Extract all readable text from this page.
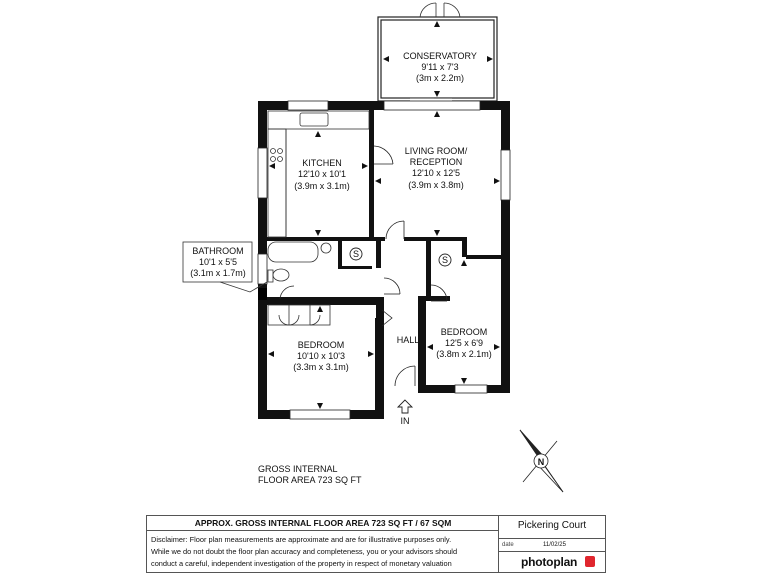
S
S
N
CONSERVATORY
9'11 x 7'3
(3m x 2.2m)
LIVING ROOM/
RECEPTION
12'10 x 12'5
(3.9m x 3.8m)
KITCHEN
12'10 x 10'1
(3.9m x 3.1m)
BATHROOM
10'1 x 5'5
(3.1m x 1.7m)
BEDROOM
10'10 x 10'3
(3.3m x 3.1m)
BEDROOM
12'5 x 6'9
(3.8m x 2.1m)
HALL
IN
GROSS INTERNAL
FLOOR AREA 723 SQ FT
APPROX. GROSS INTERNAL FLOOR AREA 723 SQ FT / 67 SQM
Disclaimer: Floor plan measurements are approximate and are for illustrative purposes only.
While we do not doubt the floor plan accuracy and completeness, you or your advisors should
conduct a careful, independent investigation of the property in respect of monetary valuation
Pickering Court
date	11/02/25
photoplan
